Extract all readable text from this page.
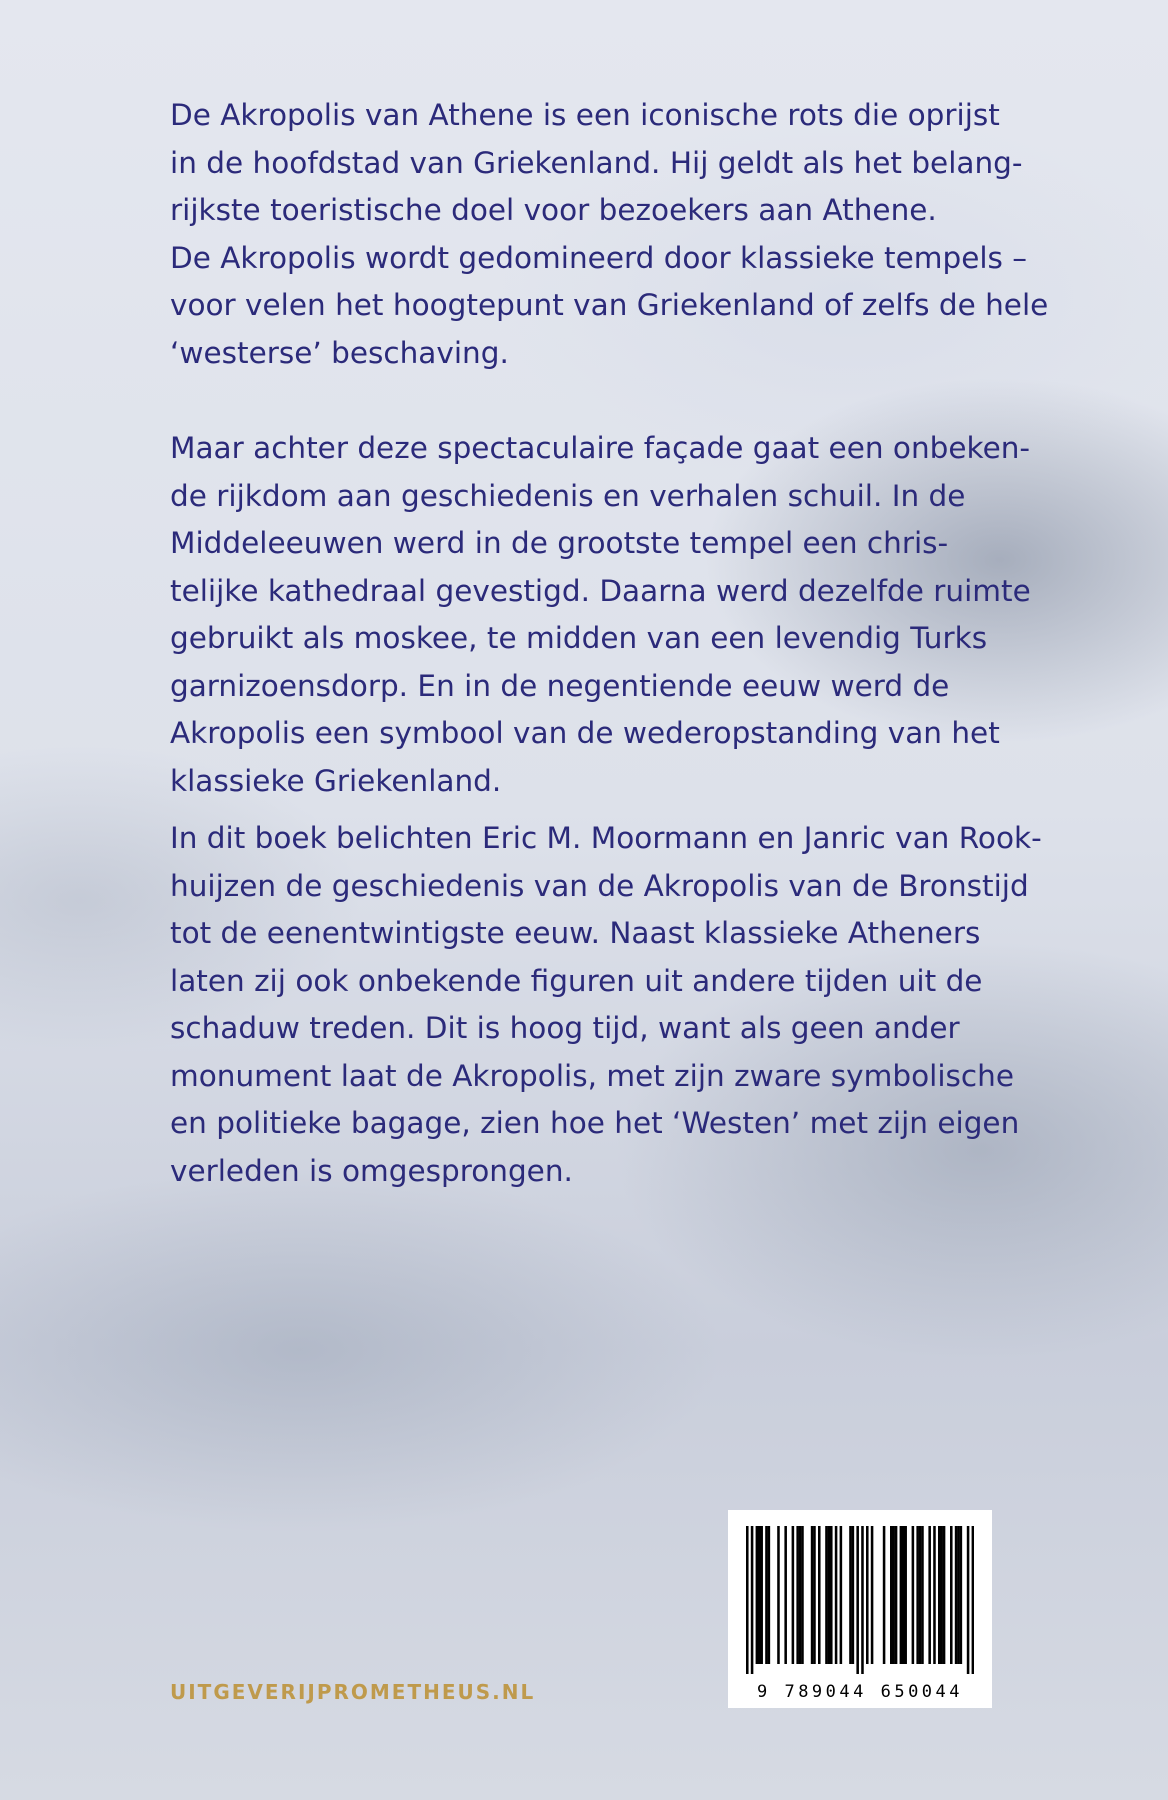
De Akropolis van Athene is een iconische rots die oprijst
in de hoofdstad van Griekenland. Hij geldt als het belang-
rijkste toeristische doel voor bezoekers aan Athene.
De Akropolis wordt gedomineerd door klassieke tempels –
voor velen het hoogtepunt van Griekenland of zelfs de hele
‘westerse’ beschaving.
Maar achter deze spectaculaire façade gaat een onbeken-
de rijkdom aan geschiedenis en verhalen schuil. In de
Middeleeuwen werd in de grootste tempel een chris-
telijke kathedraal gevestigd. Daarna werd dezelfde ruimte
gebruikt als moskee, te midden van een levendig Turks
garnizoensdorp. En in de negentiende eeuw werd de
Akropolis een symbool van de wederopstanding van het
klassieke Griekenland.
In dit boek belichten Eric M. Moormann en Janric van Rook-
huijzen de geschiedenis van de Akropolis van de Bronstijd
tot de eenentwintigste eeuw. Naast klassieke Atheners
laten zij ook onbekende figuren uit andere tijden uit de
schaduw treden. Dit is hoog tijd, want als geen ander
monument laat de Akropolis, met zijn zware symbolische
en politieke bagage, zien hoe het ‘Westen’ met zijn eigen
verleden is omgesprongen.
UITGEVERIJPROMETHEUS.NL	9 789044 650044
